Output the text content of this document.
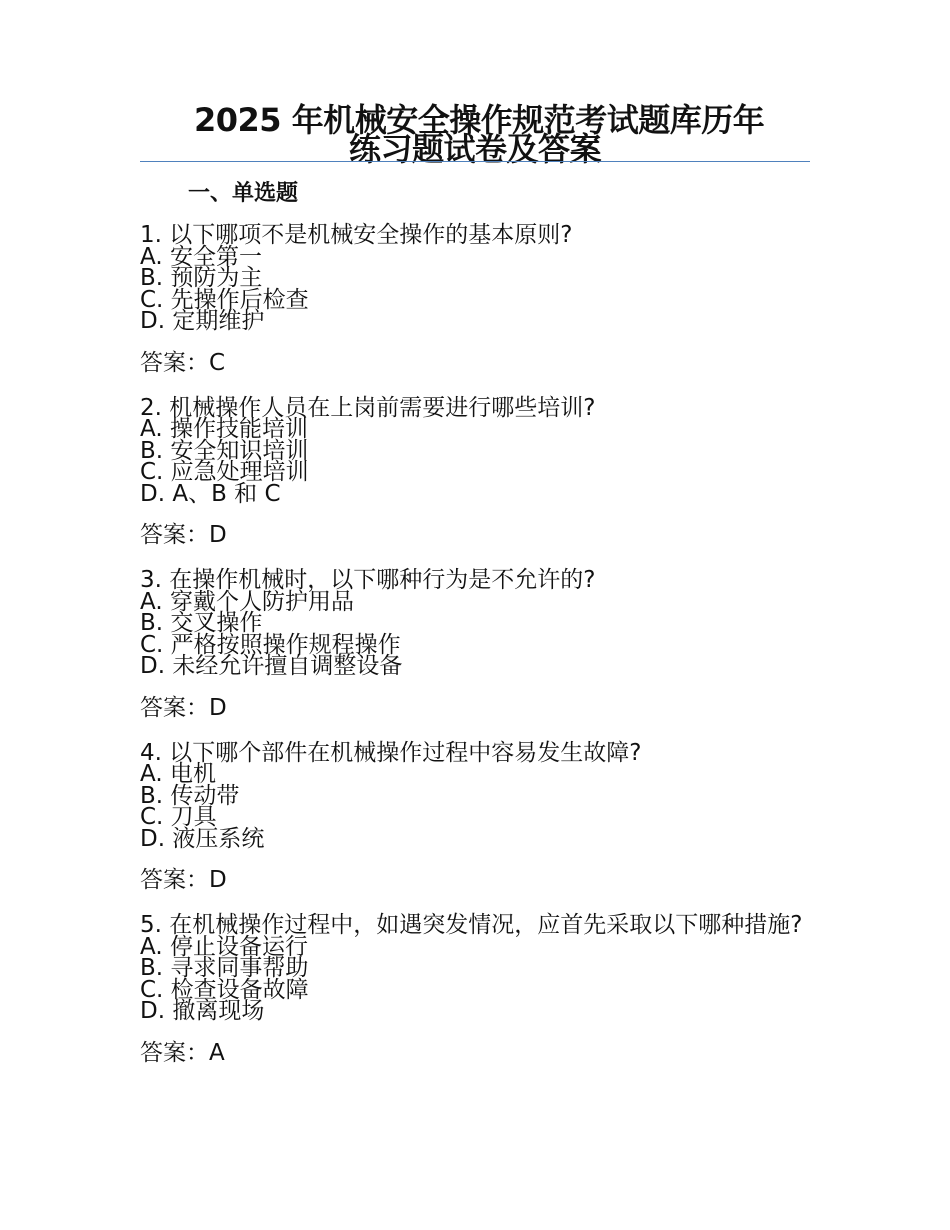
2025 年机械安全操作规范考试题库历年
练习题试卷及答案
一、单选题

1. 以下哪项不是机械安全操作的基本原则?

A. 安全第一

B. 预防为主

C. 先操作后检查

D. 定期维护

答案：C

2. 机械操作人员在上岗前需要进行哪些培训?

A. 操作技能培训

B. 安全知识培训

C. 应急处理培训

D. A、B 和 C

答案：D

3. 在操作机械时，以下哪种行为是不允许的?

A. 穿戴个人防护用品

B. 交叉操作

C. 严格按照操作规程操作

D. 未经允许擅自调整设备

答案：D

4. 以下哪个部件在机械操作过程中容易发生故障?

A. 电机

B. 传动带

C. 刀具

D. 液压系统

答案：D

5. 在机械操作过程中，如遇突发情况，应首先采取以下哪种措施?

A. 停止设备运行

B. 寻求同事帮助

C. 检查设备故障

D. 撤离现场

答案：A
